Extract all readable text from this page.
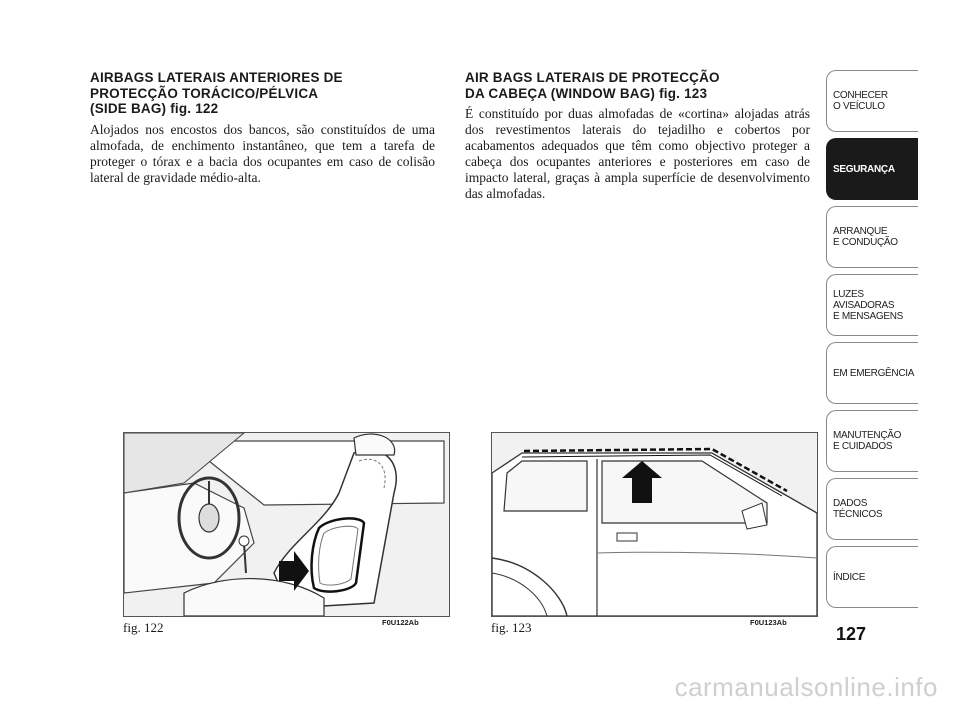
AIRBAGS LATERAIS ANTERIORES DE
PROTECÇÃO TORÁCICO/PÉLVICA
(SIDE BAG) fig. 122

Alojados nos encostos dos bancos, são constituídos de uma almofada, de enchimento instantâneo, que tem a tarefa de proteger o tórax e a bacia dos ocupantes em caso de colisão lateral de gravidade médio-alta.

AIR BAGS LATERAIS DE PROTECÇÃO
DA CABEÇA (WINDOW BAG) fig. 123

É constituído por duas almofadas de «cortina» alojadas atrás dos revestimentos laterais do tejadilho e cobertos por acabamentos adequados que têm como objectivo proteger a cabeça dos ocupantes anteriores e posteriores em caso de impacto lateral, graças à ampla superfície de desenvolvimento das almofadas.

fig. 122	F0U122Ab	fig. 123	F0U123Ab
CONHECER
O VEÍCULO
SEGURANÇA
ARRANQUE
E CONDUÇÃO
LUZES
AVISADORAS
E MENSAGENS
EM EMERGÊNCIA
MANUTENÇÃO
E CUIDADOS
DADOS
TÉCNICOS
ÍNDICE
127
carmanualsonline.info
